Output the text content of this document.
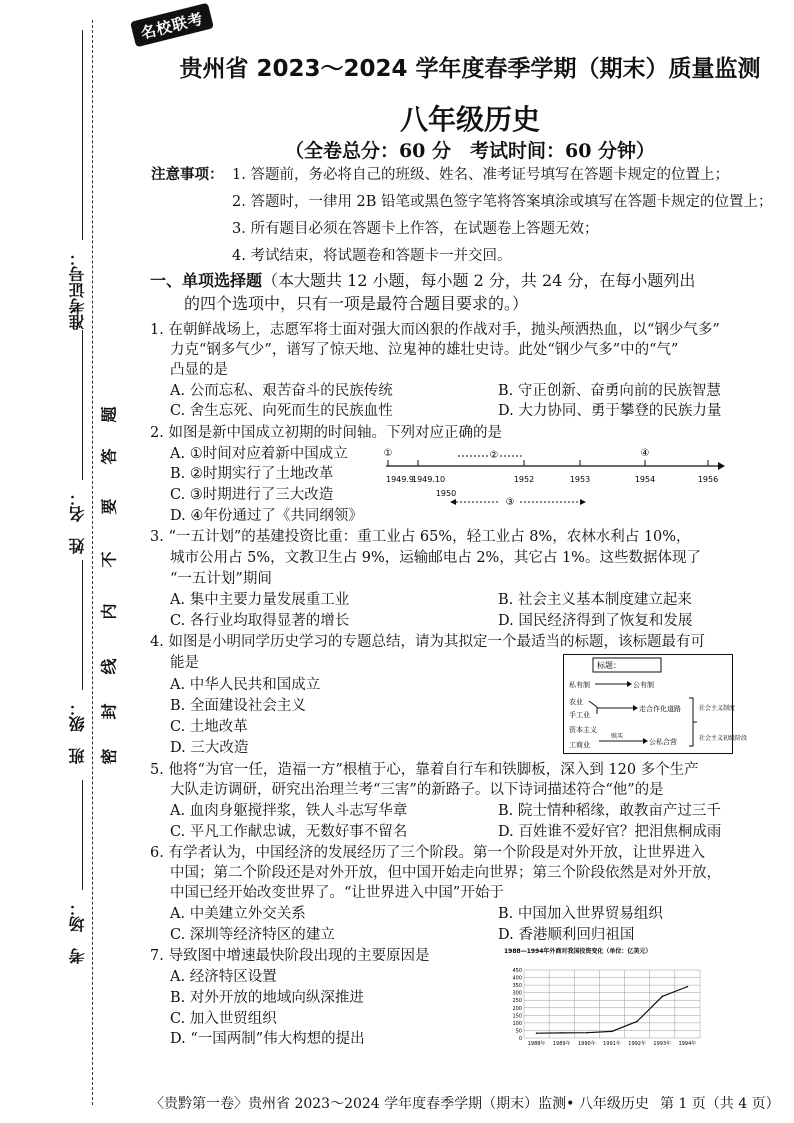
准考证号：
姓　名：
班　级：
考　场：
密
封
线
内
不
要
答
题
名校联考
贵州省 2023～2024 学年度春季学期（期末）质量监测
八年级历史
（全卷总分：60 分　考试时间：60 分钟）
注意事项： 1. 答题前，务必将自己的班级、姓名、准考证号填写在答题卡规定的位置上；
2. 答题时，一律用 2B 铅笔或黑色签字笔将答案填涂或填写在答题卡规定的位置上；
3. 所有题目必须在答题卡上作答，在试题卷上答题无效；
4. 考试结束，将试题卷和答题卡一并交回。
一、单项选择题（本大题共 12 小题，每小题 2 分，共 24 分，在每小题列出
的四个选项中，只有一项是最符合题目要求的。）
1. 在朝鲜战场上，志愿军将士面对强大而凶狠的作战对手，抛头颅洒热血，以“钢少气多”
力克“钢多气少”，谱写了惊天地、泣鬼神的雄壮史诗。此处“钢少气多”中的“气”
凸显的是
A. 公而忘私、艰苦奋斗的民族传统	B. 守正创新、奋勇向前的民族智慧
C. 舍生忘死、向死而生的民族血性	D. 大力协同、勇于攀登的民族力量
2. 如图是新中国成立初期的时间轴。下列对应正确的是
A. ①时间对应着新中国成立
B. ②时期实行了土地改革
C. ③时期进行了三大改造
D. ④年份通过了《共同纲领》
①	②	④
1949.9
1949.10	1952	1953	1954	1956
1950
③
3. “一五计划”的基建投资比重：重工业占 65%，轻工业占 8%，农林水利占 10%，
城市公用占 5%，文教卫生占 9%，运输邮电占 2%，其它占 1%。这些数据体现了
“一五计划”期间
A. 集中主要力量发展重工业	B. 社会主义基本制度建立起来
C. 各行业均取得显著的增长	D. 国民经济得到了恢复和发展
4. 如图是小明同学历史学习的专题总结，请为其拟定一个最适当的标题，该标题最有可
能是
A. 中华人民共和国成立
B. 全面建设社会主义
C. 土地改革
D. 三大改造
标题：
私有制	公有制
农业
手工业
资本主义
工商业
走合作化道路
赎买
公私合营
社会主义制度
社会主义初级阶段
5. 他将“为官一任，造福一方”根植于心，靠着自行车和铁脚板，深入到 120 多个生产
大队走访调研，研究出治理兰考“三害”的新路子。以下诗词描述符合“他”的是
A. 血肉身躯搅拌浆，铁人斗志写华章	B. 院士情种稻缘，敢教亩产过三千
C. 平凡工作献忠诚，无数好事不留名	D. 百姓谁不爱好官？把泪焦桐成雨
6. 有学者认为，中国经济的发展经历了三个阶段。第一个阶段是对外开放，让世界进入
中国；第二个阶段还是对外开放，但中国开始走向世界；第三个阶段依然是对外开放，
中国已经开始改变世界了。“让世界进入中国”开始于
A. 中美建立外交关系	B. 中国加入世界贸易组织
C. 深圳等经济特区的建立	D. 香港顺利回归祖国
7. 导致图中增速最快阶段出现的主要原因是
A. 经济特区设置
B. 对外开放的地域向纵深推进
C. 加入世贸组织
D. “一国两制”伟大构想的提出
1988—1994年外商对我国投资变化（单位：亿美元）
450
400
350
300
250
200
150
100
50
0
1988年 1989年 1990年 1991年 1992年 1993年 1994年
〈贵黔第一卷〉贵州省 2023～2024 学年度春季学期（期末）监测• 八年级历史 第 1 页（共 4 页）
